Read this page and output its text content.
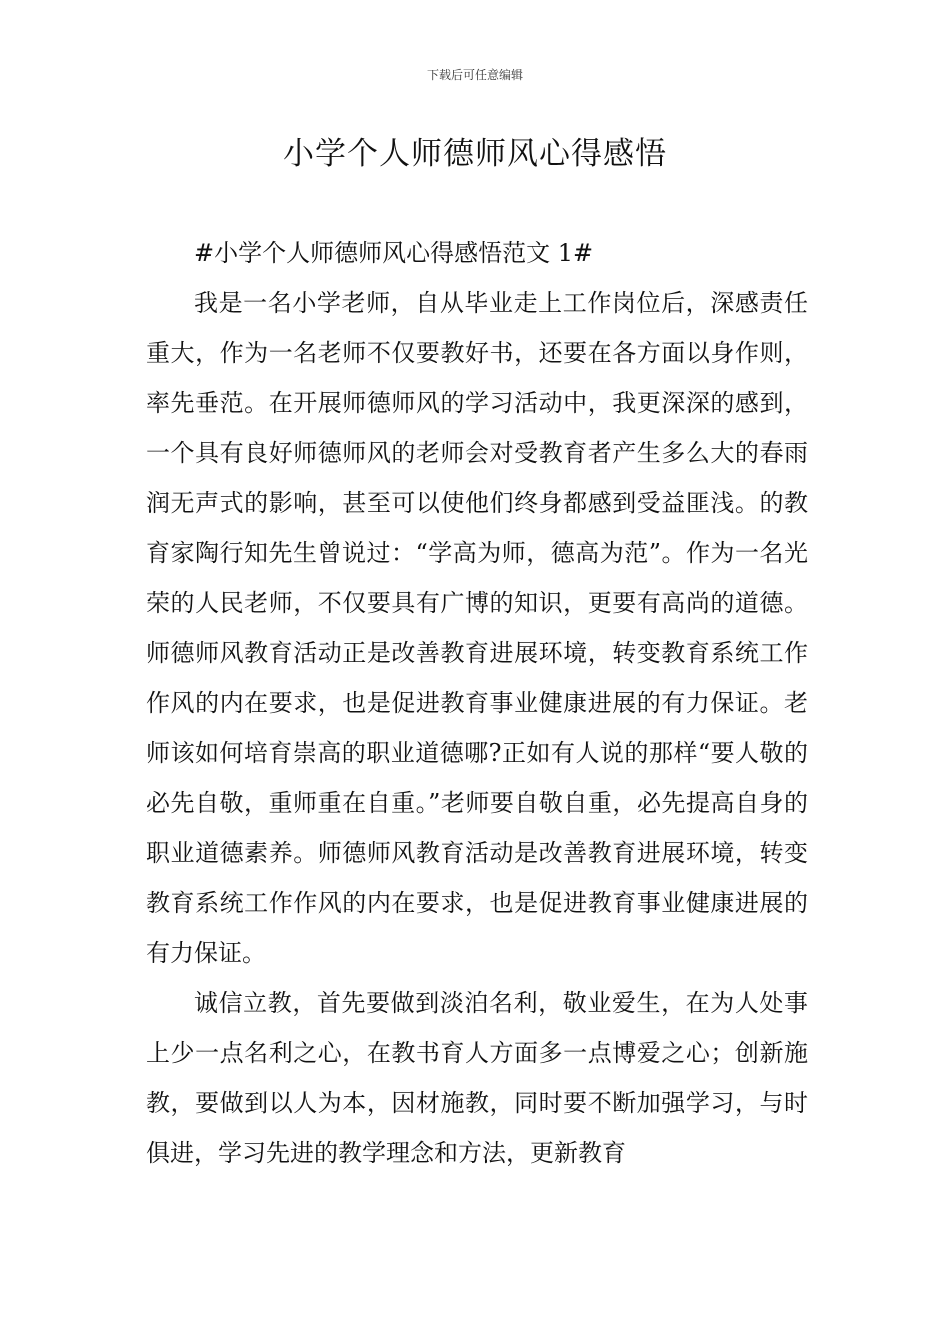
下载后可任意编辑
小学个人师德师风心得感悟

#小学个人师德师风心得感悟范文 1#

我是一名小学老师，自从毕业走上工作岗位后，深感责任重大，作为一名老师不仅要教好书，还要在各方面以身作则，率先垂范。在开展师德师风的学习活动中，我更深深的感到，一个具有良好师德师风的老师会对受教育者产生多么大的春雨润无声式的影响，甚至可以使他们终身都感到受益匪浅。的教育家陶行知先生曾说过：“学高为师，德高为范”。作为一名光荣的人民老师，不仅要具有广博的知识，更要有高尚的道德。师德师风教育活动正是改善教育进展环境，转变教育系统工作作风的内在要求，也是促进教育事业健康进展的有力保证。老师该如何培育崇高的职业道德哪?正如有人说的那样“要人敬的必先自敬，重师重在自重。”老师要自敬自重，必先提高自身的职业道德素养。师德师风教育活动是改善教育进展环境，转变教育系统工作作风的内在要求，也是促进教育事业健康进展的有力保证。

诚信立教，首先要做到淡泊名利，敬业爱生，在为人处事上少一点名利之心，在教书育人方面多一点博爱之心；创新施教，要做到以人为本，因材施教，同时要不断加强学习，与时俱进，学习先进的教学理念和方法，更新教育
